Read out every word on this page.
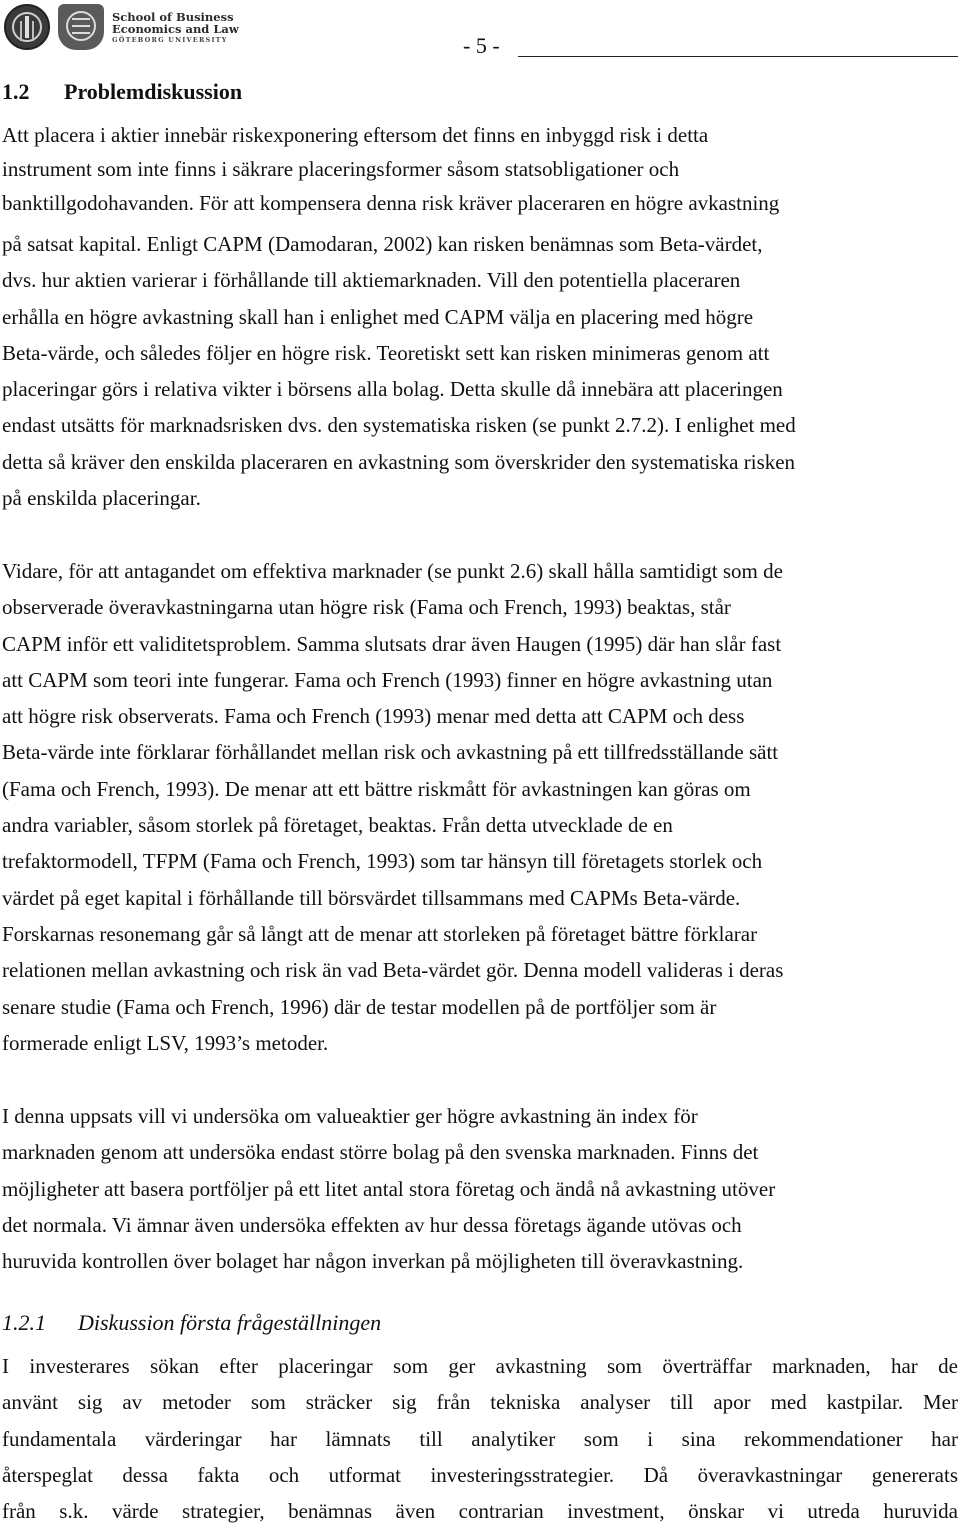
School of Business
Economics and Law
GÖTEBORG UNIVERSITY	- 5 -
1.2 Problemdiskussion
Att placera i aktier innebär riskexponering eftersom det finns en inbyggd risk i detta
instrument som inte finns i säkrare placeringsformer såsom statsobligationer och
banktillgodohavanden. För att kompensera denna risk kräver placeraren en högre avkastning
på satsat kapital. Enligt CAPM (Damodaran, 2002) kan risken benämnas som Beta-värdet,
dvs. hur aktien varierar i förhållande till aktiemarknaden. Vill den potentiella placeraren
erhålla en högre avkastning skall han i enlighet med CAPM välja en placering med högre
Beta-värde, och således följer en högre risk. Teoretiskt sett kan risken minimeras genom att
placeringar görs i relativa vikter i börsens alla bolag. Detta skulle då innebära att placeringen
endast utsätts för marknadsrisken dvs. den systematiska risken (se punkt 2.7.2). I enlighet med
detta så kräver den enskilda placeraren en avkastning som överskrider den systematiska risken
på enskilda placeringar.
Vidare, för att antagandet om effektiva marknader (se punkt 2.6) skall hålla samtidigt som de
observerade överavkastningarna utan högre risk (Fama och French, 1993) beaktas, står
CAPM inför ett validitetsproblem. Samma slutsats drar även Haugen (1995) där han slår fast
att CAPM som teori inte fungerar. Fama och French (1993) finner en högre avkastning utan
att högre risk observerats. Fama och French (1993) menar med detta att CAPM och dess
Beta-värde inte förklarar förhållandet mellan risk och avkastning på ett tillfredsställande sätt
(Fama och French, 1993). De menar att ett bättre riskmått för avkastningen kan göras om
andra variabler, såsom storlek på företaget, beaktas. Från detta utvecklade de en
trefaktormodell, TFPM (Fama och French, 1993) som tar hänsyn till företagets storlek och
värdet på eget kapital i förhållande till börsvärdet tillsammans med CAPMs Beta-värde.
Forskarnas resonemang går så långt att de menar att storleken på företaget bättre förklarar
relationen mellan avkastning och risk än vad Beta-värdet gör. Denna modell valideras i deras
senare studie (Fama och French, 1996) där de testar modellen på de portföljer som är
formerade enligt LSV, 1993’s metoder.
I denna uppsats vill vi undersöka om valueaktier ger högre avkastning än index för
marknaden genom att undersöka endast större bolag på den svenska marknaden. Finns det
möjligheter att basera portföljer på ett litet antal stora företag och ändå nå avkastning utöver
det normala. Vi ämnar även undersöka effekten av hur dessa företags ägande utövas och
huruvida kontrollen över bolaget har någon inverkan på möjligheten till överavkastning.
1.2.1 Diskussion första frågeställningen
I investerares sökan efter placeringar som ger avkastning som överträffar marknaden, har de
använt sig av metoder som sträcker sig från tekniska analyser till apor med kastpilar. Mer
fundamentala värderingar har lämnats till analytiker som i sina rekommendationer har
återspeglat dessa fakta och utformat investeringsstrategier. Då överavkastningar genererats
från s.k. värde strategier, benämnas även contrarian investment, önskar vi utreda huruvida
